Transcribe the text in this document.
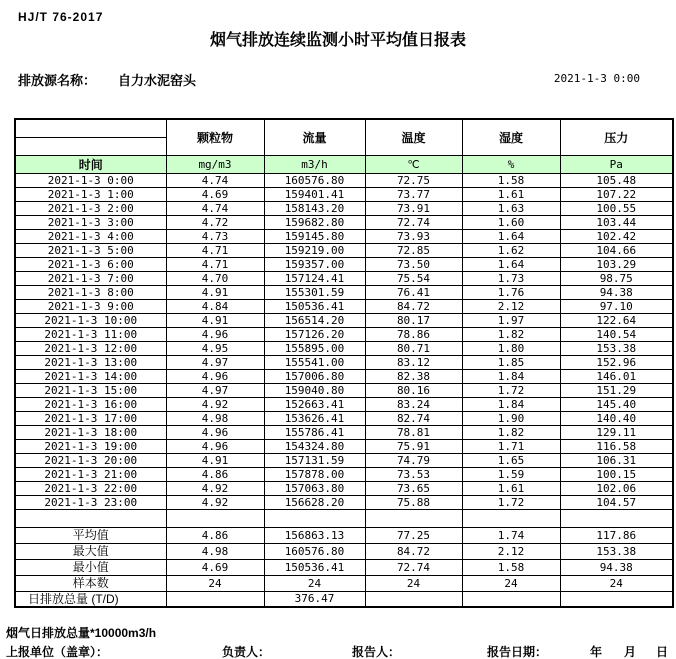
HJ/T 76-2017
烟气排放连续监测小时平均值日报表
排放源名称： 自力水泥窑头	2021-1-3 0:00
	颗粒物	流量	温度	湿度	压力

时间	mg/m3	m3/h	℃	%	Pa
2021-1-3 0:00	4.74	160576.80	72.75	1.58	105.48
2021-1-3 1:00	4.69	159401.41	73.77	1.61	107.22
2021-1-3 2:00	4.74	158143.20	73.91	1.63	100.55
2021-1-3 3:00	4.72	159682.80	72.74	1.60	103.44
2021-1-3 4:00	4.73	159145.80	73.93	1.64	102.42
2021-1-3 5:00	4.71	159219.00	72.85	1.62	104.66
2021-1-3 6:00	4.71	159357.00	73.50	1.64	103.29
2021-1-3 7:00	4.70	157124.41	75.54	1.73	98.75
2021-1-3 8:00	4.91	155301.59	76.41	1.76	94.38
2021-1-3 9:00	4.84	150536.41	84.72	2.12	97.10
2021-1-3 10:00	4.91	156514.20	80.17	1.97	122.64
2021-1-3 11:00	4.96	157126.20	78.86	1.82	140.54
2021-1-3 12:00	4.95	155895.00	80.71	1.80	153.38
2021-1-3 13:00	4.97	155541.00	83.12	1.85	152.96
2021-1-3 14:00	4.96	157006.80	82.38	1.84	146.01
2021-1-3 15:00	4.97	159040.80	80.16	1.72	151.29
2021-1-3 16:00	4.92	152663.41	83.24	1.84	145.40
2021-1-3 17:00	4.98	153626.41	82.74	1.90	140.40
2021-1-3 18:00	4.96	155786.41	78.81	1.82	129.11
2021-1-3 19:00	4.96	154324.80	75.91	1.71	116.58
2021-1-3 20:00	4.91	157131.59	74.79	1.65	106.31
2021-1-3 21:00	4.86	157878.00	73.53	1.59	100.15
2021-1-3 22:00	4.92	157063.80	73.65	1.61	102.06
2021-1-3 23:00	4.92	156628.20	75.88	1.72	104.57

平均值	4.86	156863.13	77.25	1.74	117.86
最大值	4.98	160576.80	84.72	2.12	153.38
最小值	4.69	150536.41	72.74	1.58	94.38
样本数	24	24	24	24	24
日排放总量 (T/D)		376.47			
烟气日排放总量*10000m3/h
上报单位（盖章）：	负责人：	报告人：	报告日期：	年 月 日
